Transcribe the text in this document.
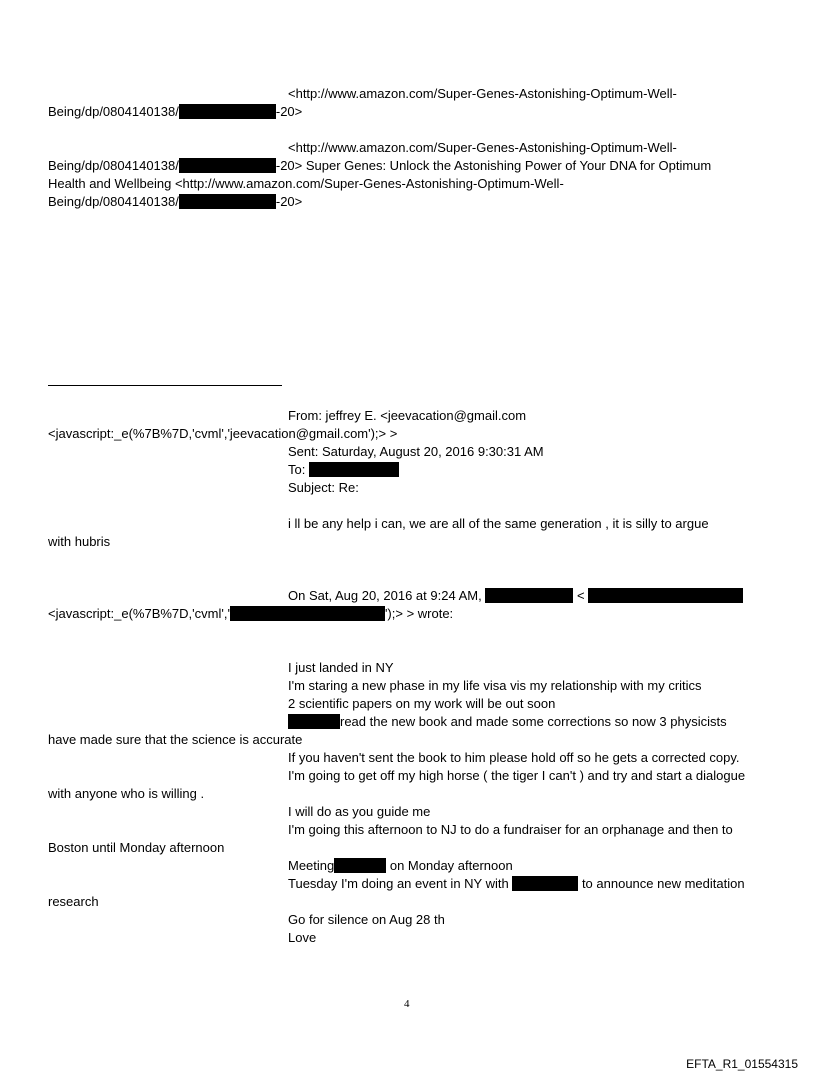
<http://www.amazon.com/Super-Genes-Astonishing-Optimum-Well-
Being/dp/0804140138/	-20>
<http://www.amazon.com/Super-Genes-Astonishing-Optimum-Well-
Being/dp/0804140138/	-20> Super Genes: Unlock the Astonishing Power of Your DNA for Optimum
Health and Wellbeing <http://www.amazon.com/Super-Genes-Astonishing-Optimum-Well-
Being/dp/0804140138/	-20>
From: jeffrey E. <jeevacation@gmail.com
<javascript:_e(%7B%7D,'cvml','jeevacation@gmail.com');> >
Sent: Saturday, August 20, 2016 9:30:31 AM
To:
Subject: Re:
i ll be any help i can, we are all of the same generation , it is silly to argue
with hubris
On Sat, Aug 20, 2016 at 9:24 AM,	<
<javascript:_e(%7B%7D,'cvml','	');> > wrote:
I just landed in NY
I'm staring a new phase in my life visa vis my relationship with my critics
2 scientific papers on my work will be out soon
read the new book and made some corrections so now 3 physicists
have made sure that the science is accurate
If you haven't sent the book to him please hold off so he gets a corrected copy.
I'm going to get off my high horse ( the tiger I can't ) and try and start a dialogue
with anyone who is willing .
I will do as you guide me
I'm going this afternoon to NJ to do a fundraiser for an orphanage and then to
Boston until Monday afternoon
Meeting	on Monday afternoon
Tuesday I'm doing an event in NY with	to announce new meditation
research
Go for silence on Aug 28 th
Love
4
EFTA_R1_01554315
